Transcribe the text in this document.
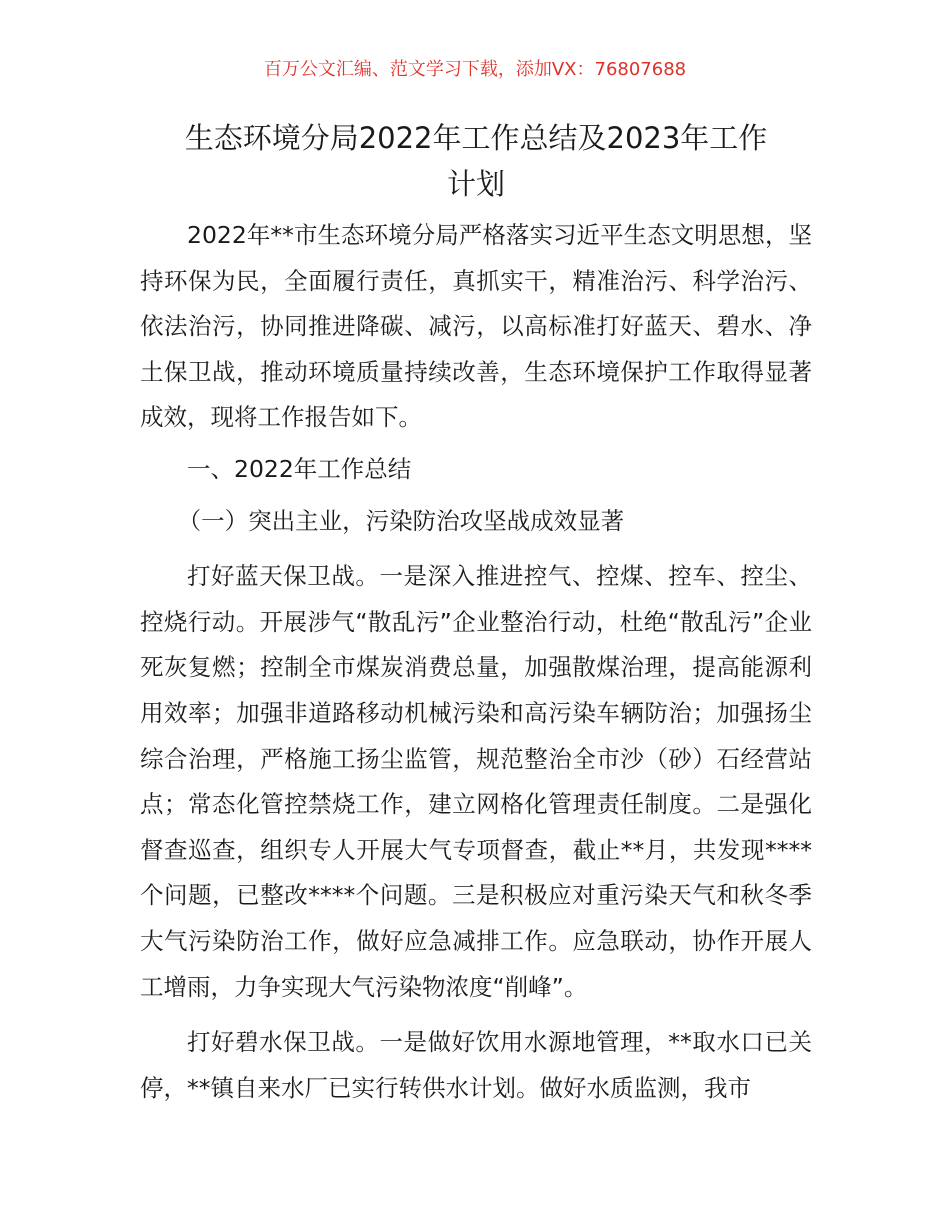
百万公文汇编、范文学习下载，添加VX：76807688
生态环境分局2022年工作总结及2023年工作
计划

2022年**市生态环境分局严格落实习近平生态文明思想，坚持环保为民，全面履行责任，真抓实干，精准治污、科学治污、依法治污，协同推进降碳、减污，以高标准打好蓝天、碧水、净土保卫战，推动环境质量持续改善，生态环境保护工作取得显著成效，现将工作报告如下。

一、2022年工作总结

（一）突出主业，污染防治攻坚战成效显著

打好蓝天保卫战。一是深入推进控气、控煤、控车、控尘、控烧行动。开展涉气“散乱污”企业整治行动，杜绝“散乱污”企业死灰复燃；控制全市煤炭消费总量，加强散煤治理，提高能源利用效率；加强非道路移动机械污染和高污染车辆防治；加强扬尘综合治理，严格施工扬尘监管，规范整治全市沙（砂）石经营站点；常态化管控禁烧工作，建立网格化管理责任制度。二是强化督查巡查，组织专人开展大气专项督查，截止**月，共发现****个问题，已整改****个问题。三是积极应对重污染天气和秋冬季大气污染防治工作，做好应急减排工作。应急联动，协作开展人工增雨，力争实现大气污染物浓度“削峰”。

打好碧水保卫战。一是做好饮用水源地管理，**取水口已关停，**镇自来水厂已实行转供水计划。做好水质监测，我市
